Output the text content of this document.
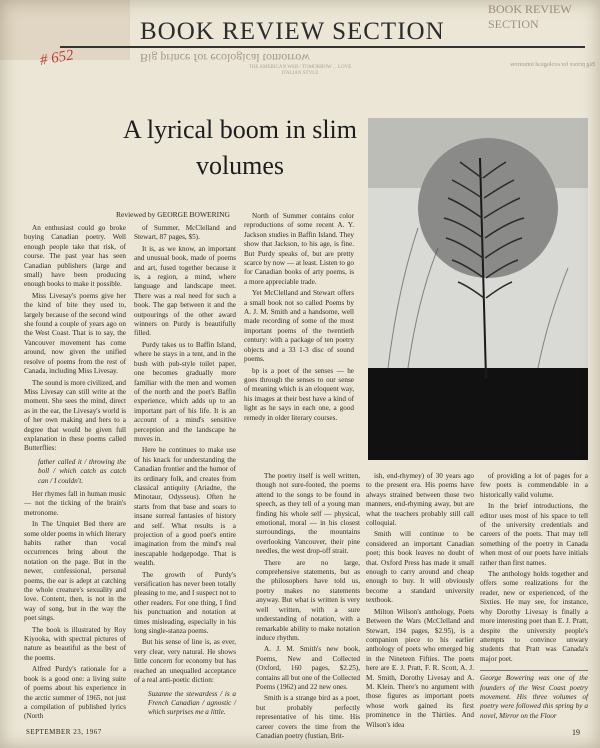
BOOK REVIEW SECTION
BOOK REVIEW SECTION
Big prince for ecological tomorrow
# 652	THE AMERICAN WAR / TOMORROW ... LOVE ITALIAN STYLE
Big prince for ecological tomorrow
A lyrical boom in slim volumes
Reviewed by GEORGE BOWERING

An enthusiast could go broke buying Canadian poetry. Well enough people take that risk, of course. The past year has seen Canadian publishers (large and small) have been producing enough books to make it possible.

Miss Livesay's poems give her the kind of bite they used to, largely because of the second wind she found a couple of years ago on the West Coast. That is to say, the Vancouver movement has come around, now given the unified resolve of poems from the rest of Canada, including Miss Livesay.

The sound is more civilized, and Miss Livesay can still write at the moment. She sees the mind, direct as in the ear, the Livesay's world is of her own making and hers to a degree that would be given full explanation in these poems called Butterflies:

father called it / throwing the boll / which catch as catch can / I couldn't.

Her rhymes fall in human music — not the ticking of the brain's metronome.

In The Unquiet Bed there are some older poems in which literary habits rather than vocal occurrences bring about the notation on the page. But in the newer, confessional, personal poems, the ear is adept at catching the whole creature's sexuality and love. Content, then, is not in the way of song, but in the way the poet sings.

The book is illustrated by Roy Kiyooka, with spectral pictures of nature as beautiful as the best of the poems.

Alfred Purdy's rationale for a book is a good one: a living suite of poems about his experience in the arctic summer of 1965, not just a compilation of published lyrics (North

of Summer, McClelland and Stewart, 87 pages, $5).

It is, as we know, an important and unusual book, made of poems and art, fused together because it is, a region, a mind, where language and landscape meet. There was a real need for such a book. The gap between it and the outpourings of the other award winners on Purdy is beautifully filled.

Purdy takes us to Baffin Island, where he stays in a tent, and in the bush with pub-style toilet paper, one becomes gradually more familiar with the men and women of the north and the poet's Baffin experience, which adds up to an important part of his life. It is an account of a mind's sensitive perception and the landscape he moves in.

Here he continues to make use of his knack for understanding the Canadian frontier and the humor of its ordinary folk, and creates from classical antiquity (Ariadne, the Minotaur, Odysseus). Often he starts from that base and soars to insane surreal fantasies of history and self. What results is a projection of a good poet's entire imagination from the mind's real inescapable hodgepodge. That is wealth.

The growth of Purdy's versification has never been totally pleasing to me, and I suspect not to other readers. For one thing, I find his punctuation and notation at times misleading, especially in his long single-stanza poems.

But his sense of line is, as ever, very clear, very natural. He shows little concern for economy but has reached an unequalled acceptance of a real anti-poetic diction:

Suzanne the stewardess / is a French Canadian / agnostic / which surprises me a little.

North of Summer contains color reproductions of some recent A. Y. Jackson studies in Baffin Island. They show that Jackson, to his age, is fine. But Purdy speaks of, but are pretty scarce by now — at least. Listen to go for Canadian books of arty poems, is a more appreciable trade.

Yet McClelland and Stewart offers a small book not so called Poems by A. J. M. Smith and a handsome, well made recording of some of the most important poems of the twentieth century: with a package of ten poetry objects and a 33 1-3 disc of sound poems.

bp is a poet of the senses — he goes through the senses to our sense of meaning which is an eloquent way, his images at their best have a kind of light as he says in each one, a good remedy in older literary courses.

The poetry itself is well written, though not sure-footed, the poems attend to the songs to be found in speech, as they tell of a young man finding his whole self — physical, emotional, moral — in his closest surroundings, the mountains overlooking Vancouver, their pine needles, the west drop-off strait.

There are no large, comprehensive statements, but as the philosophers have told us, poetry makes no statements anyway. But what is written is very well written, with a sure understanding of notation, with a remarkable ability to make notation induce rhythm.

A. J. M. Smith's new book, Poems, New and Collected (Oxford, 160 pages, $2.25), contains all but one of the Collected Poems (1962) and 22 new ones.

Smith is a strange bird as a poet, but probably perfectly representative of his time. His career covers the time from the Canadian poetry (fustian, Brit-

ish, end-rhymey) of 30 years ago to the present era. His poems have always strained between those two manners, end-rhyming away, but are what the teachers probably still call colloquial.

Smith will continue to be considered an important Canadian poet; this book leaves no doubt of that. Oxford Press has made it small enough to carry around and cheap enough to buy. It will obviously become a standard university textbook.

Milton Wilson's anthology, Poets Between the Wars (McClelland and Stewart, 194 pages, $2.95), is a companion piece to his earlier anthology of poets who emerged big in the Nineteen Fifties. The poets here are E. J. Pratt, F. R. Scott, A. J. M. Smith, Dorothy Livesay and A. M. Klein. There's no argument with those figures as important poets whose work gained its first prominence in the Thirties. And Wilson's idea

of providing a lot of pages for a few poets is commendable in a historically valid volume.

In the brief introductions, the editor uses most of his space to tell of the university credentials and careers of the poets. That may tell something of the poetry in Canada when most of our poets have initials rather than first names.

The anthology holds together and offers some realizations for the reader, new or experienced, of the Sixties. He may see, for instance, why Dorothy Livesay is finally a more interesting poet than E. J. Pratt, despite the university people's attempts to convince unwary students that Pratt was Canada's major poet.

George Bowering was one of the founders of the West Coast poetry movement. His three volumes of poetry were followed this spring by a novel, Mirror on the Floor

SEPTEMBER 23, 1967	19
